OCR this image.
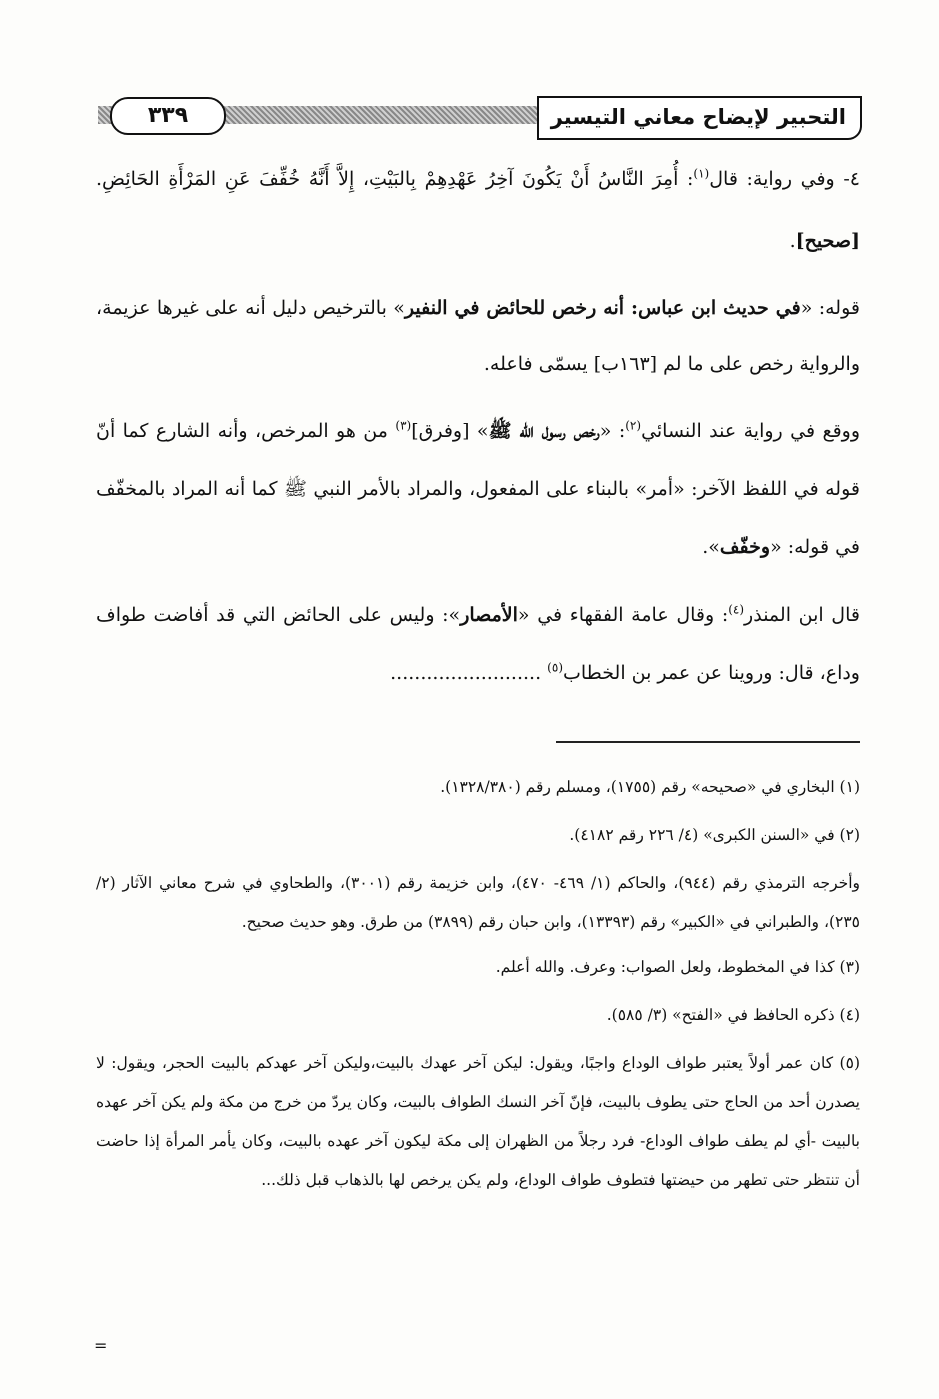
التحبير لإيضاح معاني التيسير
٣٣٩

٤- وفي رواية: قال$^{(١)}$: أُمِرَ النَّاسُ أَنْ يَكُونَ آخِرُ عَهْدِهِمْ بِالبَيْتِ، إِلاَّ أَنَّهُ خُفِّفَ عَنِ المَرْأَةِ الحَائِضِ. [صحيح].

قوله: «في حديث ابن عباس: أنه رخص للحائض في النفير» بالترخيص دليل أنه على غيرها عزيمة، والرواية رخص على ما لم [١٦٣ب] يسمّى فاعله.

ووقع في رواية عند النسائي$^{(٢)}$: «رخص رسول الله ﷺ» [وفرق]$^{(٣)}$ من هو المرخص، وأنه الشارع كما أنّ قوله في اللفظ الآخر: «أمر» بالبناء على المفعول، والمراد بالأمر النبي ﷺ كما أنه المراد بالمخفّف في قوله: «وخفّف».

قال ابن المنذر$^{(٤)}$: وقال عامة الفقهاء في «الأمصار»: وليس على الحائض التي قد أفاضت طواف وداع، قال: وروينا عن عمر بن الخطاب$^{(٥)}$ .........................

(١) البخاري في «صحيحه» رقم (١٧٥٥)، ومسلم رقم (١٣٢٨/٣٨٠).

(٢) في «السنن الكبرى» (٤/ ٢٢٦ رقم ٤١٨٢).

وأخرجه الترمذي رقم (٩٤٤)، والحاكم (١/ ٤٦٩- ٤٧٠)، وابن خزيمة رقم (٣٠٠١)، والطحاوي في شرح معاني الآثار (٢/ ٢٣٥)، والطبراني في «الكبير» رقم (١٣٣٩٣)، وابن حبان رقم (٣٨٩٩) من طرق. وهو حديث صحيح.

(٣) كذا في المخطوط، ولعل الصواب: وعرف. والله أعلم.

(٤) ذكره الحافظ في «الفتح» (٣/ ٥٨٥).

(٥) كان عمر أولاً يعتبر طواف الوداع واجبًا، ويقول: ليكن آخر عهدك بالبيت،وليكن آخر عهدكم بالبيت الحجر، ويقول: لا يصدرن أحد من الحاج حتى يطوف بالبيت، فإنّ آخر النسك الطواف بالبيت، وكان يردّ من خرج من مكة ولم يكن آخر عهده بالبيت -أي لم يطف طواف الوداع- فرد رجلاً من الظهران إلى مكة ليكون آخر عهده بالبيت، وكان يأمر المرأة إذا حاضت أن تنتظر حتى تطهر من حيضتها فتطوف طواف الوداع، ولم يكن يرخص لها بالذهاب قبل ذلك...

=
